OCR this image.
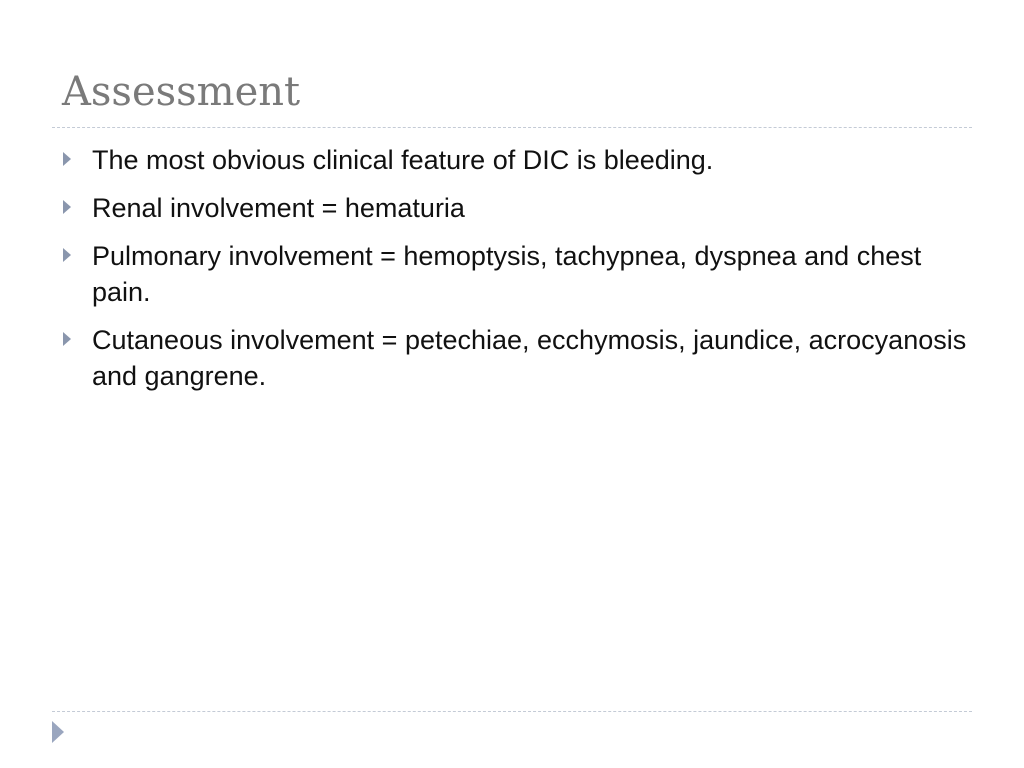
Assessment
The most obvious clinical feature of DIC is bleeding.
Renal involvement = hematuria
Pulmonary involvement = hemoptysis, tachypnea, dyspnea and chest pain.
Cutaneous involvement = petechiae, ecchymosis, jaundice, acrocyanosis and gangrene.
